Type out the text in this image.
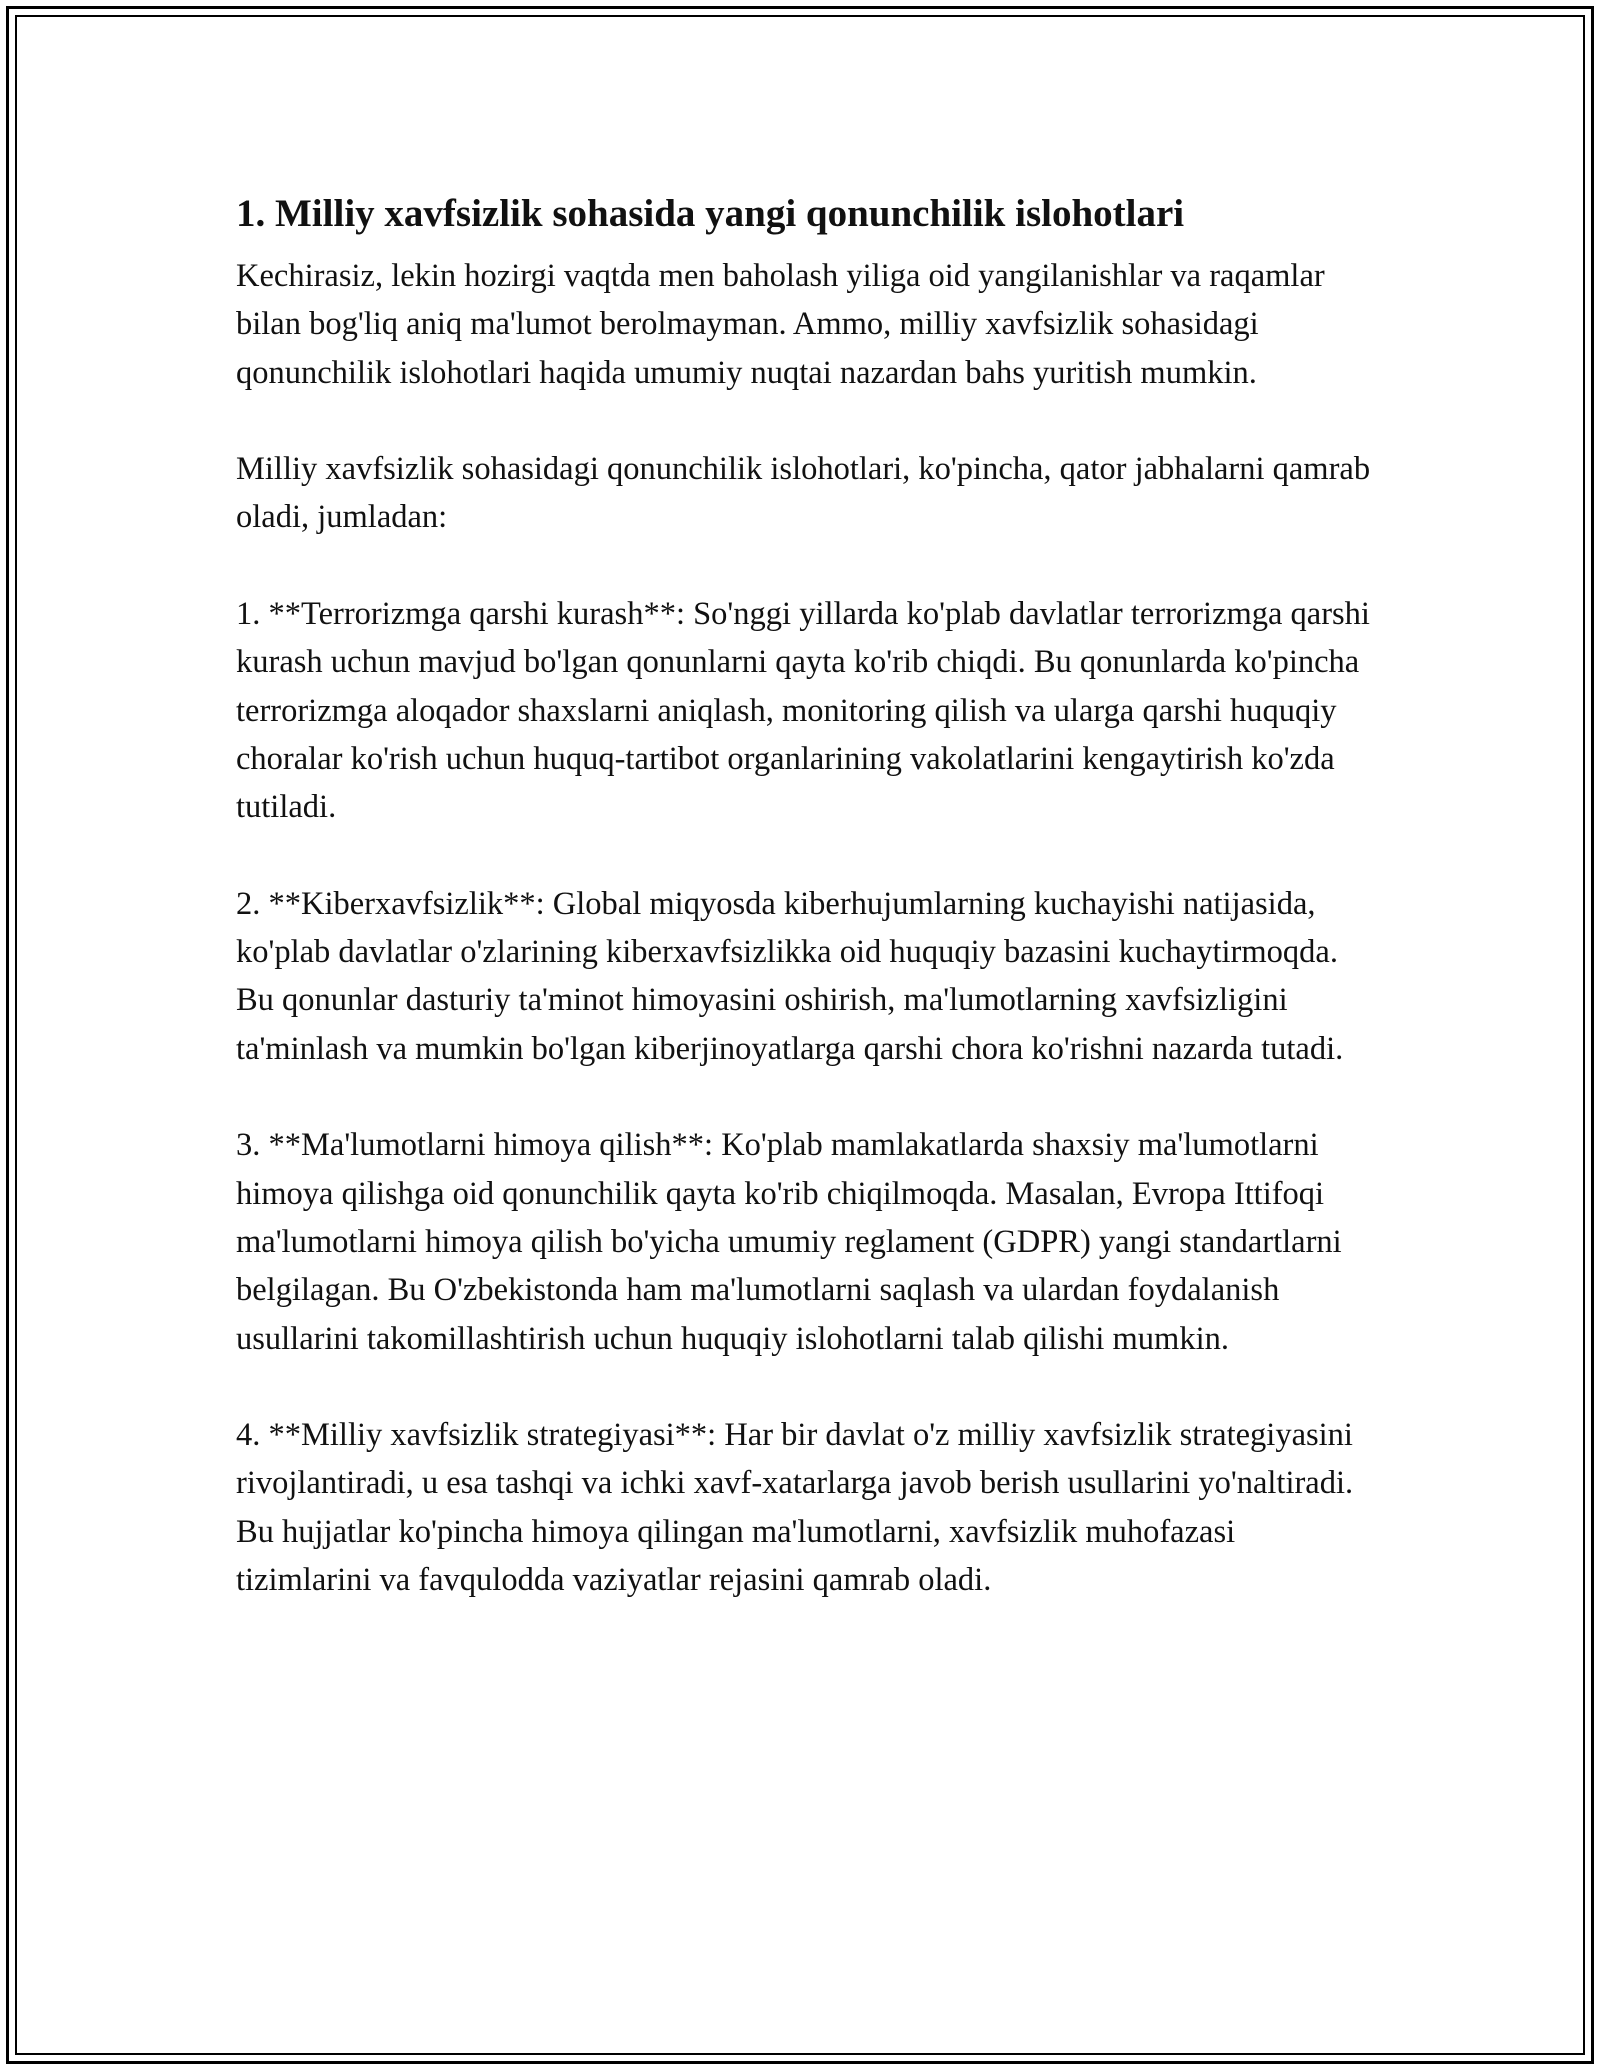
1. Milliy xavfsizlik sohasida yangi qonunchilik islohotlari

Kechirasiz, lekin hozirgi vaqtda men baholash yiliga oid yangilanishlar va raqamlar bilan bog'liq aniq ma'lumot berolmayman. Ammo, milliy xavfsizlik sohasidagi qonunchilik islohotlari haqida umumiy nuqtai nazardan bahs yuritish mumkin.

Milliy xavfsizlik sohasidagi qonunchilik islohotlari, ko'pincha, qator jabhalarni qamrab oladi, jumladan:

1. **Terrorizmga qarshi kurash**: So'nggi yillarda ko'plab davlatlar terrorizmga qarshi kurash uchun mavjud bo'lgan qonunlarni qayta ko'rib chiqdi. Bu qonunlarda ko'pincha terrorizmga aloqador shaxslarni aniqlash, monitoring qilish va ularga qarshi huquqiy choralar ko'rish uchun huquq-tartibot organlarining vakolatlarini kengaytirish ko'zda tutiladi.

2. **Kiberxavfsizlik**: Global miqyosda kiberhujumlarning kuchayishi natijasida, ko'plab davlatlar o'zlarining kiberxavfsizlikka oid huquqiy bazasini kuchaytirmoqda. Bu qonunlar dasturiy ta'minot himoyasini oshirish, ma'lumotlarning xavfsizligini ta'minlash va mumkin bo'lgan kiberjinoyatlarga qarshi chora ko'rishni nazarda tutadi.

3. **Ma'lumotlarni himoya qilish**: Ko'plab mamlakatlarda shaxsiy ma'lumotlarni himoya qilishga oid qonunchilik qayta ko'rib chiqilmoqda. Masalan, Evropa Ittifoqi ma'lumotlarni himoya qilish bo'yicha umumiy reglament (GDPR) yangi standartlarni belgilagan. Bu O'zbekistonda ham ma'lumotlarni saqlash va ulardan foydalanish usullarini takomillashtirish uchun huquqiy islohotlarni talab qilishi mumkin.

4. **Milliy xavfsizlik strategiyasi**: Har bir davlat o'z milliy xavfsizlik strategiyasini rivojlantiradi, u esa tashqi va ichki xavf-xatarlarga javob berish usullarini yo'naltiradi. Bu hujjatlar ko'pincha himoya qilingan ma'lumotlarni, xavfsizlik muhofazasi tizimlarini va favqulodda vaziyatlar rejasini qamrab oladi.
